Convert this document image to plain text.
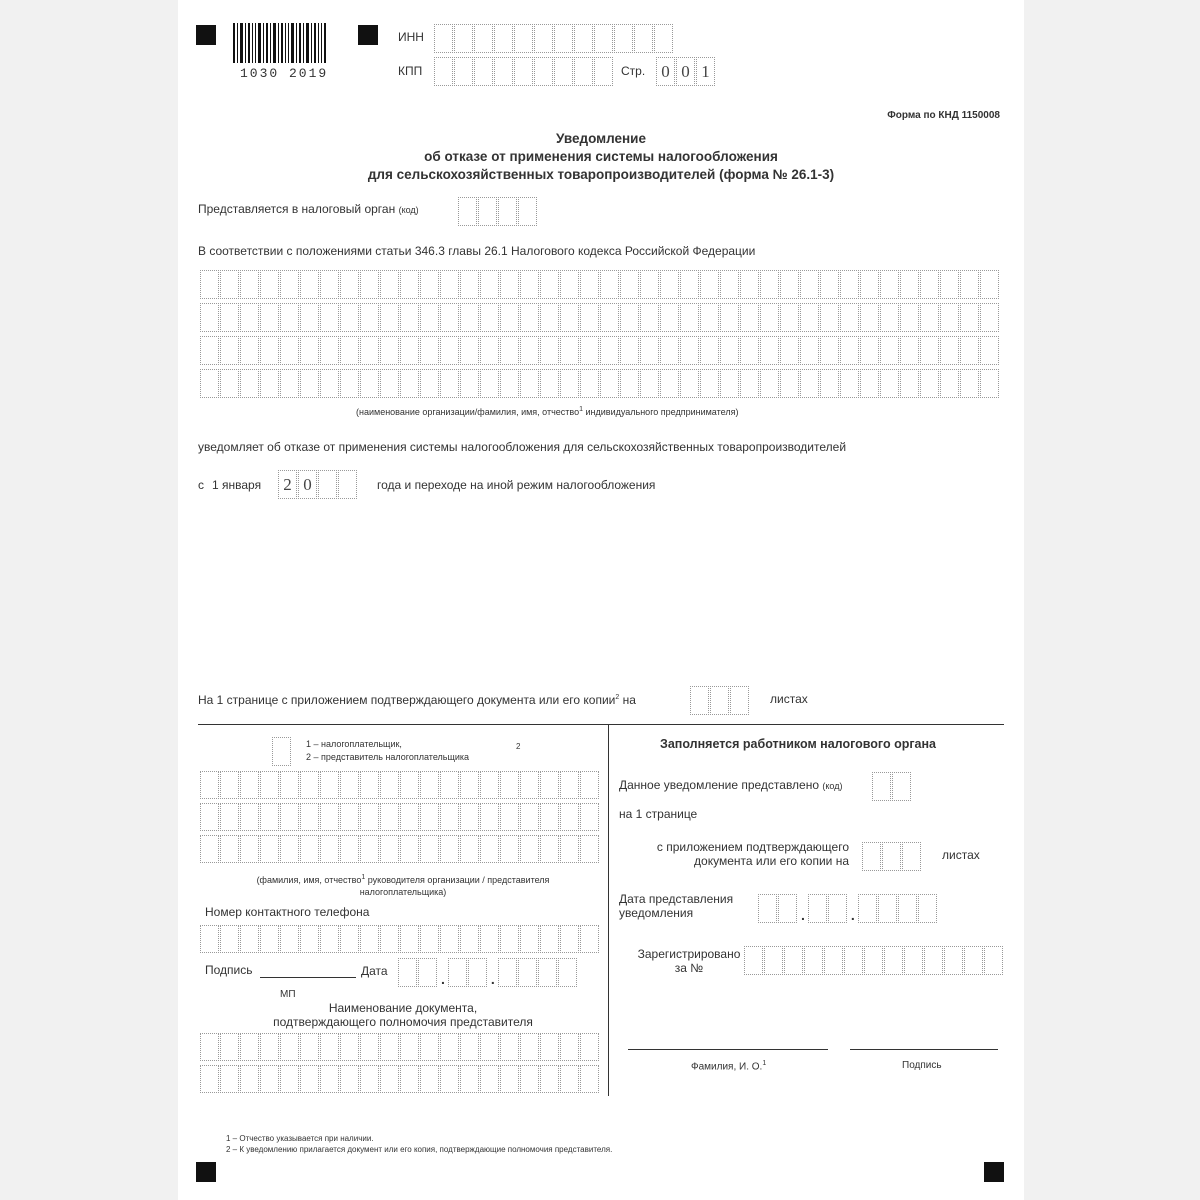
1030 2019
ИНН
КПП	Стр. 0 0 1
Форма по КНД 1150008
Уведомление
об отказе от применения системы налогообложения
для сельскохозяйственных товаропроизводителей (форма № 26.1-3)
Представляется в налоговый орган (код)
В соответствии с положениями статьи 346.3 главы 26.1 Налогового кодекса Российской Федерации
(наименование организации/фамилия, имя, отчество$^1$ индивидуального предпринимателя)
уведомляет об отказе от применения системы налогообложения для сельскохозяйственных товаропроизводителей
с 1 января	2 0	года и переходе на иной режим налогообложения
На 1 странице с приложением подтверждающего документа или его копии$^2$ на	листах
1 – налогоплательщик,
2 – представитель налогоплательщика
2
(фамилия, имя, отчество$^1$ руководителя организации / представителя
налогоплательщика)
Номер контактного телефона
Подпись	Дата	.	.
МП
Наименование документа,
подтверждающего полномочия представителя
Заполняется работником налогового органа
Данное уведомление представлено (код)
на 1 странице
с приложением подтверждающего
документа или его копии на	листах
Дата представления
уведомления	.	.
Зарегистрировано
за №
Фамилия, И. О.$^1$	Подпись
1 – Отчество указывается при наличии.
2 – К уведомлению прилагается документ или его копия, подтверждающие полномочия представителя.
